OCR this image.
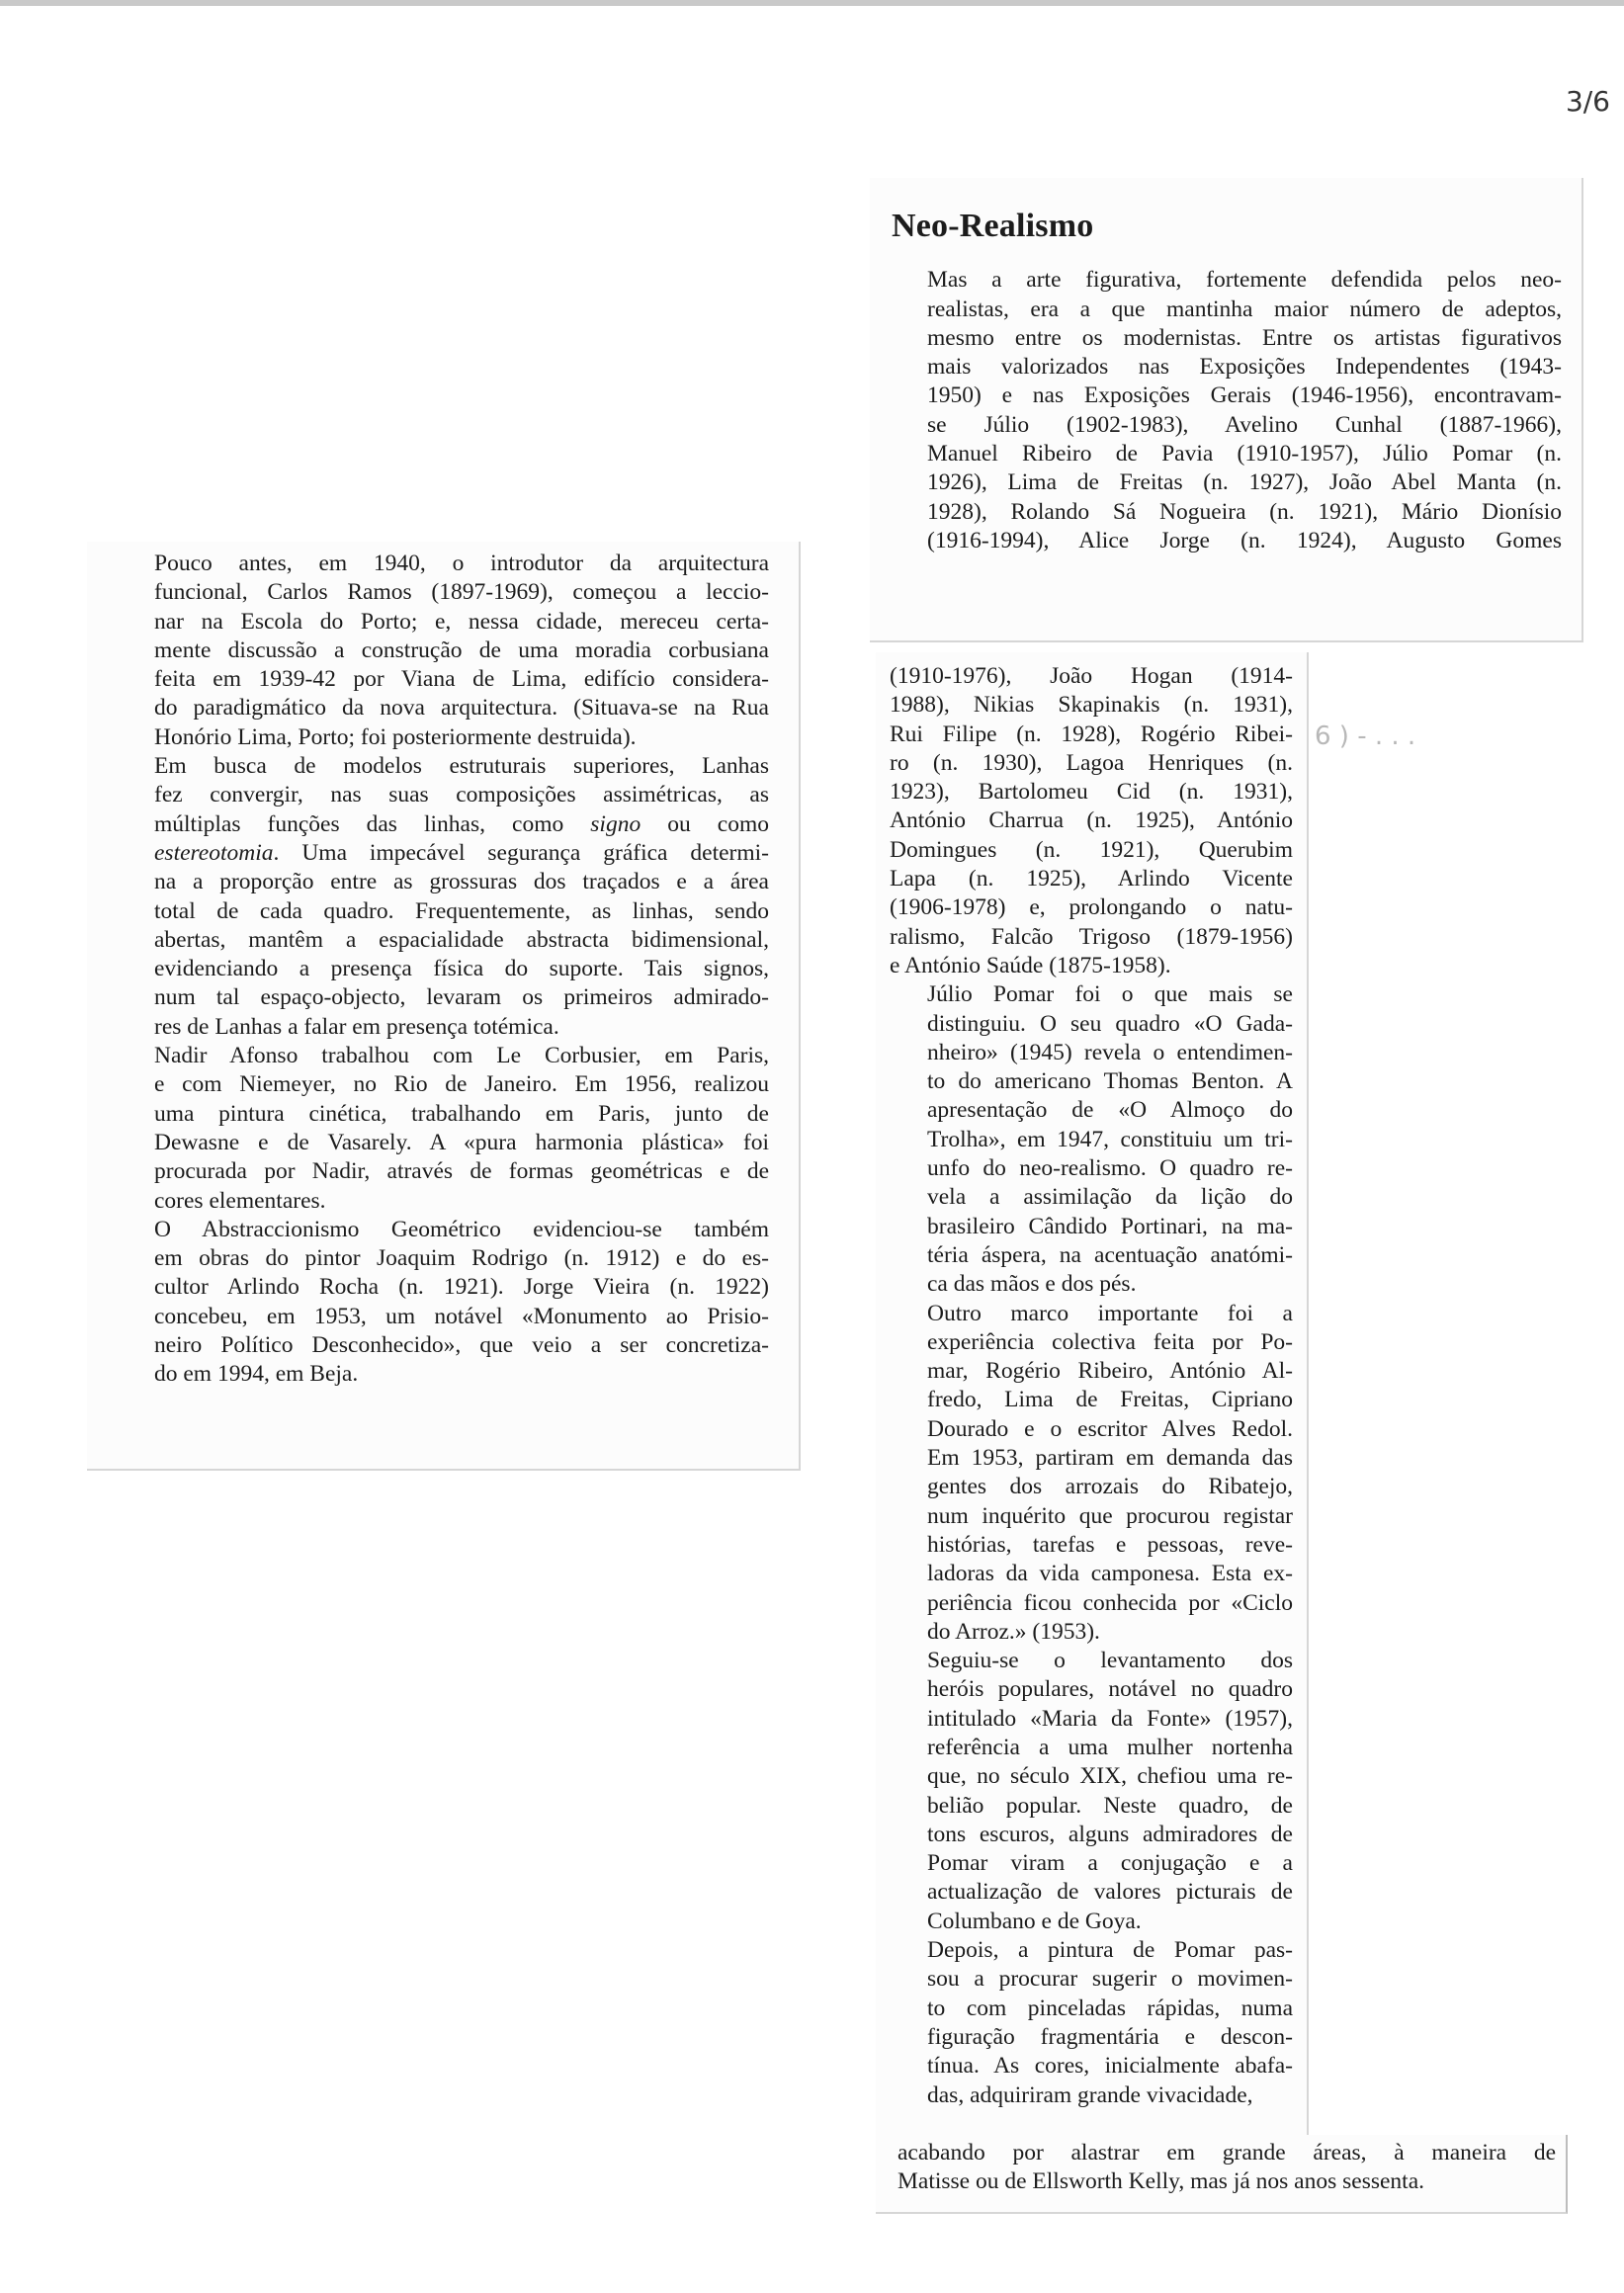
3/6

Pouco antes, em 1940, o introdutor da arquitectura
funcional, Carlos Ramos (1897-1969), começou a leccio-
nar na Escola do Porto; e, nessa cidade, mereceu certa-
mente discussão a construção de uma moradia corbusiana
feita em 1939-42 por Viana de Lima, edifício considera-
do paradigmático da nova arquitectura. (Situava-se na Rua
Honório Lima, Porto; foi posteriormente destruida).

Em busca de modelos estruturais superiores, Lanhas
fez convergir, nas suas composições assimétricas, as
múltiplas funções das linhas, como signo ou como
estereotomia. Uma impecável segurança gráfica determi-
na a proporção entre as grossuras dos traçados e a área
total de cada quadro. Frequentemente, as linhas, sendo
abertas, mantêm a espacialidade abstracta bidimensional,
evidenciando a presença física do suporte. Tais signos,
num tal espaço-objecto, levaram os primeiros admirado-
res de Lanhas a falar em presença totémica.

Nadir Afonso trabalhou com Le Corbusier, em Paris,
e com Niemeyer, no Rio de Janeiro. Em 1956, realizou
uma pintura cinética, trabalhando em Paris, junto de
Dewasne e de Vasarely. A «pura harmonia plástica» foi
procurada por Nadir, através de formas geométricas e de
cores elementares.

O Abstraccionismo Geométrico evidenciou-se também
em obras do pintor Joaquim Rodrigo (n. 1912) e do es-
cultor Arlindo Rocha (n. 1921). Jorge Vieira (n. 1922)
concebeu, em 1953, um notável «Monumento ao Prisio-
neiro Político Desconhecido», que veio a ser concretiza-
do em 1994, em Beja.

Neo-Realismo

Mas a arte figurativa, fortemente defendida pelos neo-
realistas, era a que mantinha maior número de adeptos,
mesmo entre os modernistas. Entre os artistas figurativos
mais valorizados nas Exposições Independentes (1943-
1950) e nas Exposições Gerais (1946-1956), encontravam-
se Júlio (1902-1983), Avelino Cunhal (1887-1966),
Manuel Ribeiro de Pavia (1910-1957), Júlio Pomar (n.
1926), Lima de Freitas (n. 1927), João Abel Manta (n.
1928), Rolando Sá Nogueira (n. 1921), Mário Dionísio
(1916-1994), Alice Jorge (n. 1924), Augusto Gomes

(1910-1976), João Hogan (1914-
1988), Nikias Skapinakis (n. 1931),
Rui Filipe (n. 1928), Rogério Ribei-
ro (n. 1930), Lagoa Henriques (n.
1923), Bartolomeu Cid (n. 1931),
António Charrua (n. 1925), António
Domingues (n. 1921), Querubim
Lapa (n. 1925), Arlindo Vicente
(1906-1978) e, prolongando o natu-
ralismo, Falcão Trigoso (1879-1956)
e António Saúde (1875-1958).

Júlio Pomar foi o que mais se
distinguiu. O seu quadro «O Gada-
nheiro» (1945) revela o entendimen-
to do americano Thomas Benton. A
apresentação de «O Almoço do
Trolha», em 1947, constituiu um tri-
unfo do neo-realismo. O quadro re-
vela a assimilação da lição do
brasileiro Cândido Portinari, na ma-
téria áspera, na acentuação anatómi-
ca das mãos e dos pés.

Outro marco importante foi a
experiência colectiva feita por Po-
mar, Rogério Ribeiro, António Al-
fredo, Lima de Freitas, Cipriano
Dourado e o escritor Alves Redol.
Em 1953, partiram em demanda das
gentes dos arrozais do Ribatejo,
num inquérito que procurou registar
histórias, tarefas e pessoas, reve-
ladoras da vida camponesa. Esta ex-
periência ficou conhecida por «Ciclo
do Arroz.» (1953).

Seguiu-se o levantamento dos
heróis populares, notável no quadro
intitulado «Maria da Fonte» (1957),
referência a uma mulher nortenha
que, no século XIX, chefiou uma re-
belião popular. Neste quadro, de
tons escuros, alguns admiradores de
Pomar viram a conjugação e a
actualização de valores picturais de
Columbano e de Goya.

Depois, a pintura de Pomar pas-
sou a procurar sugerir o movimen-
to com pinceladas rápidas, numa
figuração fragmentária e descon-
tínua. As cores, inicialmente abafa-
das, adquiriram grande vivacidade,

acabando por alastrar em grande áreas, à maneira de
Matisse ou de Ellsworth Kelly, mas já nos anos sessenta.
6 ) - . . .
